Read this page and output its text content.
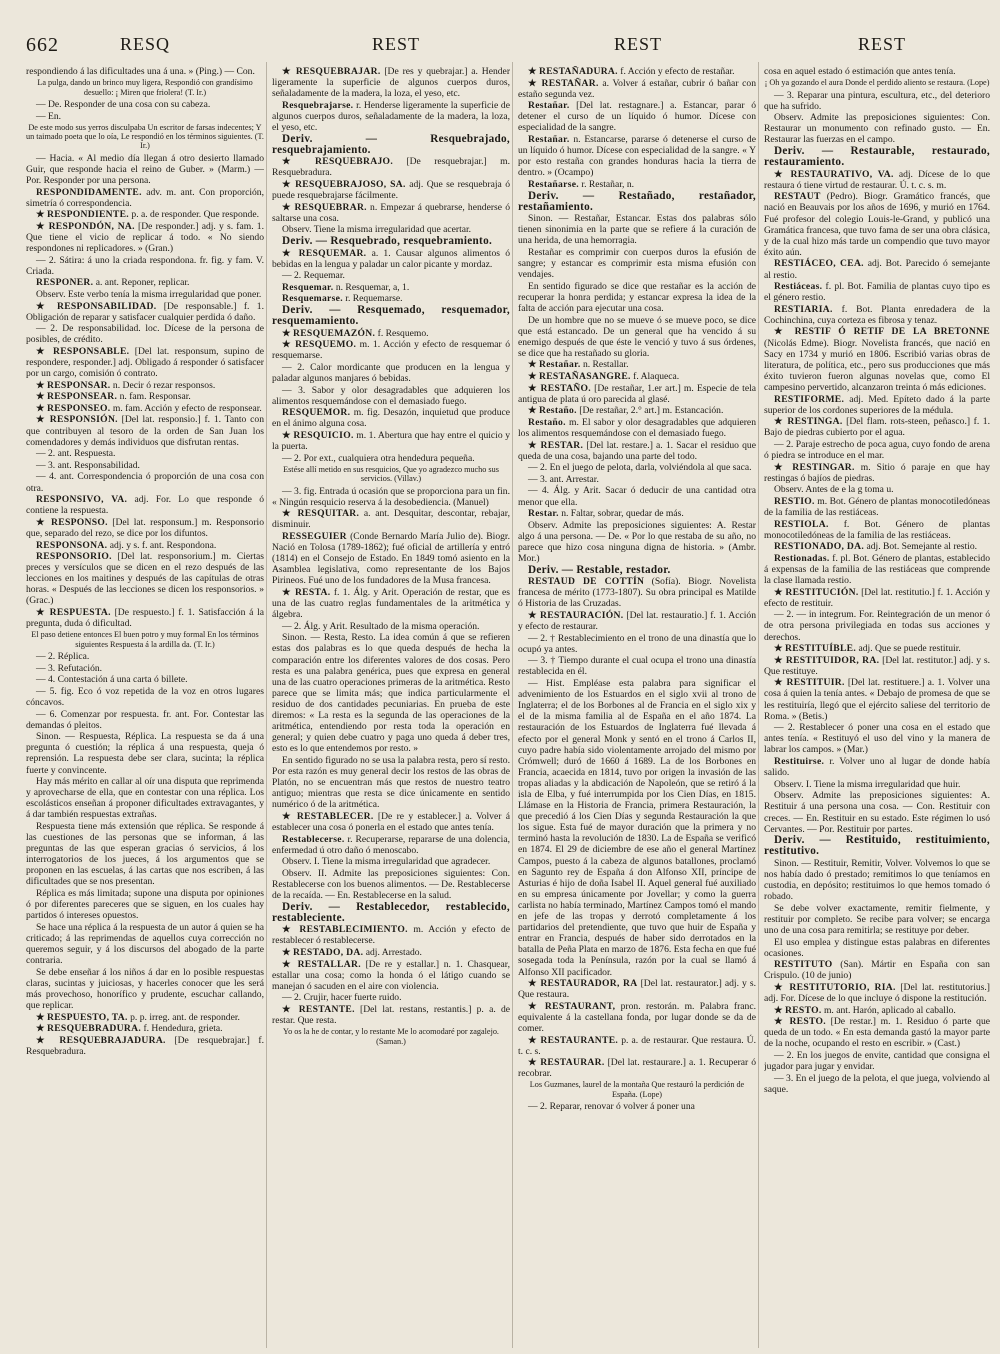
662	RESQ	REST	REST	REST

respondiendo á las dificultades una á una. » (Ping.) — Con.

La pulga, dando un brinco muy ligera, Respondió con grandísimo desuello: ¡ Miren que friolera! (T. Ir.)

— De. Responder de una cosa con su cabeza.

— En.

De este modo sus yerros disculpaba Un escritor de farsas indecentes; Y un taimado poeta que lo oía, Le respondió en los términos siguientes. (T. Ir.)

— Hacia. « Al medio día llegan á otro desierto llamado Guir, que responde hacia el reino de Guber. » (Marm.) — Por. Responder por una persona.

RESPONDIDAMENTE. adv. m. ant. Con proporción, simetría ó correspondencia.

★ RESPONDIENTE. p. a. de responder. Que responde.

★ RESPONDÓN, NA. [De responder.] adj. y s. fam. 1. Que tiene el vicio de replicar á todo. « No siendo respondones ni replicadores. » (Gran.)

— 2. Sátira: á uno la criada respondona. fr. fig. y fam. V. Criada.

RESPONER. a. ant. Reponer, replicar.

Observ. Este verbo tenía la misma irregularidad que poner.

★ RESPONSABILIDAD. [De responsable.] f. 1. Obligación de reparar y satisfacer cualquier perdida ó daño.

— 2. De responsabilidad. loc. Dícese de la persona de posibles, de crédito.

★ RESPONSABLE. [Del lat. responsum, supino de respondere, responder.] adj. Obligado á responder ó satisfacer por un cargo, comisión ó contrato.

★ RESPONSAR. n. Decir ó rezar responsos.

★ RESPONSEAR. n. fam. Responsar.

★ RESPONSEO. m. fam. Acción y efecto de responsear.

★ RESPONSIÓN. [Del lat. responsio.] f. 1. Tanto con que contribuyen al tesoro de la orden de San Juan los comendadores y demás individuos que disfrutan rentas.

— 2. ant. Respuesta.

— 3. ant. Responsabilidad.

— 4. ant. Correspondencia ó proporción de una cosa con otra.

RESPONSIVO, VA. adj. For. Lo que responde ó contiene la respuesta.

★ RESPONSO. [Del lat. responsum.] m. Responsorio que, separado del rezo, se dice por los difuntos.

RESPONSONA. adj. y s. f. ant. Respondona.

RESPONSORIO. [Del lat. responsorium.] m. Ciertas preces y versículos que se dicen en el rezo después de las lecciones en los maitines y después de las capítulas de otras horas. « Después de las lecciones se dicen los responsorios. » (Grac.)

★ RESPUESTA. [De respuesto.] f. 1. Satisfacción á la pregunta, duda ó dificultad.

El paso detiene entonces El buen potro y muy formal En los términos siguientes Respuesta á la ardilla da. (T. Ir.)

— 2. Réplica.

— 3. Refutación.

— 4. Contestación á una carta ó billete.

— 5. fig. Eco ó voz repetida de la voz en otros lugares cóncavos.

— 6. Comenzar por respuesta. fr. ant. For. Contestar las demandas ó pleitos.

Sinon. — Respuesta, Réplica. La respuesta se da á una pregunta ó cuestión; la réplica á una respuesta, queja ó reprensión. La respuesta debe ser clara, sucinta; la réplica fuerte y convincente.

Hay más mérito en callar al oír una disputa que reprimenda y aprovecharse de ella, que en contestar con una réplica. Los escolásticos enseñan á proponer dificultades extravagantes, y á dar también respuestas extrañas.

Respuesta tiene más extensión que réplica. Se responde á las cuestiones de las personas que se informan, á las preguntas de las que esperan gracias ó servicios, á los interrogatorios de los jueces, á los argumentos que se proponen en las escuelas, á las cartas que nos escriben, á las dificultades que se nos presentan.

Réplica es más limitada; supone una disputa por opiniones ó por diferentes pareceres que se siguen, en los cuales hay partidos ó intereses opuestos.

Se hace una réplica á la respuesta de un autor á quien se ha criticado; á las reprimendas de aquellos cuya corrección no queremos seguir, y á los discursos del abogado de la parte contraria.

Se debe enseñar á los niños á dar en lo posible respuestas claras, sucintas y juiciosas, y hacerles conocer que les será más provechoso, honorífico y prudente, escuchar callando, que replicar.

★ RESPUESTO, TA. p. p. irreg. ant. de responder.

★ RESQUEBRADURA. f. Hendedura, grieta.

★ RESQUEBRAJADURA. [De resquebrajar.] f. Resquebradura.

★ RESQUEBRAJAR. [De res y quebrajar.] a. Hender ligeramente la superficie de algunos cuerpos duros, señaladamente de la madera, la loza, el yeso, etc.

Resquebrajarse. r. Henderse ligeramente la superficie de algunos cuerpos duros, señaladamente de la madera, la loza, el yeso, etc.

Deriv. — Resquebrajado, resquebrajamiento.

★ RESQUEBRAJO. [De resquebrajar.] m. Resquebradura.

★ RESQUEBRAJOSO, SA. adj. Que se resquebraja ó puede resquebrajarse fácilmente.

★ RESQUEBRAR. n. Empezar á quebrarse, henderse ó saltarse una cosa.

Observ. Tiene la misma irregularidad que acertar.

Deriv. — Resquebrado, resquebramiento.

★ RESQUEMAR. a. 1. Causar algunos alimentos ó bebidas en la lengua y paladar un calor picante y mordaz.

— 2. Requemar.

Resquemar. n. Resquemar, a, 1.

Resquemarse. r. Requemarse.

Deriv. — Resquemado, resquemador, resquemamiento.

★ RESQUEMAZÓN. f. Resquemo.

★ RESQUEMO. m. 1. Acción y efecto de resquemar ó resquemarse.

— 2. Calor mordicante que producen en la lengua y paladar algunos manjares ó bebidas.

— 3. Sabor y olor desagradables que adquieren los alimentos resquemándose con el demasiado fuego.

RESQUEMOR. m. fig. Desazón, inquietud que produce en el ánimo alguna cosa.

★ RESQUICIO. m. 1. Abertura que hay entre el quicio y la puerta.

— 2. Por ext., cualquiera otra hendedura pequeña.

Estése allí metido en sus resquicios, Que yo agradezco mucho sus servicios. (Villav.)

— 3. fig. Entrada ú ocasión que se proporciona para un fin. « Ningún resquicio reserva á la desobediencia. (Manuel)

★ RESQUITAR. a. ant. Desquitar, descontar, rebajar, disminuir.

RESSEGUIER (Conde Bernardo María Julio de). Biogr. Nació en Tolosa (1789-1862); fué oficial de artillería y entró (1814) en el Consejo de Estado. En 1849 tomó asiento en la Asamblea legislativa, como representante de los Bajos Pirineos. Fué uno de los fundadores de la Musa francesa.

★ RESTA. f. 1. Álg. y Arit. Operación de restar, que es una de las cuatro reglas fundamentales de la aritmética y álgebra.

— 2. Álg. y Arit. Resultado de la misma operación.

Sinon. — Resta, Resto. La idea común á que se refieren estas dos palabras es lo que queda después de hecha la comparación entre los diferentes valores de dos cosas. Pero resta es una palabra genérica, pues que expresa en general una de las cuatro operaciones primeras de la aritmética. Resto parece que se limita más; que indica particularmente el residuo de dos cantidades pecuniarias. En prueba de este diremos: « La resta es la segunda de las operaciones de la aritmética, entendiendo por resta toda la operación en general; y quien debe cuatro y paga uno queda á deber tres, esto es lo que entendemos por resto. »

En sentido figurado no se usa la palabra resta, pero sí resto. Por esta razón es muy general decir los restos de las obras de Platón, no se encuentran más que restos de nuestro teatro antiguo; mientras que resta se dice únicamente en sentido numérico ó de la aritmética.

★ RESTABLECER. [De re y establecer.] a. Volver á establecer una cosa ó ponerla en el estado que antes tenía.

Restablecerse. r. Recuperarse, repararse de una dolencia, enfermedad ú otro daño ó menoscabo.

Observ. I. Tiene la misma irregularidad que agradecer.

Observ. II. Admite las preposiciones siguientes: Con. Restablecerse con los buenos alimentos. — De. Restablecerse de la recaída. — En. Restablecerse en la salud.

Deriv. — Restablecedor, restablecido, restableciente.

★ RESTABLECIMIENTO. m. Acción y efecto de restablecer ó restablecerse.

★ RESTADO, DA. adj. Arrestado.

★ RESTALLAR. [De re y estallar.] n. 1. Chasquear, estallar una cosa; como la honda ó el látigo cuando se manejan ó sacuden en el aire con violencia.

— 2. Crujir, hacer fuerte ruido.

★ RESTANTE. [Del lat. restans, restantis.] p. a. de restar. Que resta.

Yo os la he de contar, y lo restante Me lo acomodaré por zagalejo. (Saman.)

★ RESTAÑADURA. f. Acción y efecto de restañar.

★ RESTAÑAR. a. Volver á estañar, cubrir ó bañar con estaño segunda vez.

Restañar. [Del lat. restagnare.] a. Estancar, parar ó detener el curso de un líquido ó humor. Dícese con especialidad de la sangre.

Restañar. n. Estancarse, pararse ó detenerse el curso de un líquido ó humor. Dícese con especialidad de la sangre. « Y por esto restaña con grandes honduras hacia la tierra de dentro. » (Ocampo)

Restañarse. r. Restañar, n.

Deriv. — Restañado, restañador, restañamiento.

Sinon. — Restañar, Estancar. Estas dos palabras sólo tienen sinonimia en la parte que se refiere á la curación de una herida, de una hemorragia.

Restañar es comprimir con cuerpos duros la efusión de sangre; y estancar es comprimir esta misma efusión con vendajes.

En sentido figurado se dice que restañar es la acción de recuperar la honra perdida; y estancar expresa la idea de la falta de acción para ejecutar una cosa.

De un hombre que no se mueve ó se mueve poco, se dice que está estancado. De un general que ha vencido á su enemigo después de que éste le venció y tuvo á sus órdenes, se dice que ha restañado su gloria.

★ Restañar. n. Restallar.

★ RESTAÑASANGRE. f. Alaqueca.

★ RESTAÑO. [De restañar, 1.er art.] m. Especie de tela antigua de plata ú oro parecida al glasé.

★ Restaño. [De restañar, 2.° art.] m. Estancación.

Restaño. m. El sabor y olor desagradables que adquieren los alimentos resquemándose con el demasiado fuego.

★ RESTAR. [Del lat. restare.] a. 1. Sacar el residuo que queda de una cosa, bajando una parte del todo.

— 2. En el juego de pelota, darla, volviéndola al que saca.

— 3. ant. Arrestar.

— 4. Álg. y Arit. Sacar ó deducir de una cantidad otra menor que ella.

Restar. n. Faltar, sobrar, quedar de más.

Observ. Admite las preposiciones siguientes: A. Restar algo á una persona. — De. « Por lo que restaba de su año, no parece que hizo cosa ninguna digna de historia. » (Ambr. Mor.)

Deriv. — Restable, restador.

RESTAUD DE COTTÍN (Sofía). Biogr. Novelista francesa de mérito (1773-1807). Su obra principal es Matilde ó Historia de las Cruzadas.

★ RESTAURACIÓN. [Del lat. restauratio.] f. 1. Acción y efecto de restaurar.

— 2. † Restablecimiento en el trono de una dinastía que lo ocupó ya antes.

— 3. † Tiempo durante el cual ocupa el trono una dinastía restablecida en él.

— Hist. Empléase esta palabra para significar el advenimiento de los Estuardos en el siglo xvii al trono de Inglaterra; el de los Borbones al de Francia en el siglo xix y el de la misma familia al de España en el año 1874. La restauración de los Estuardos de Inglaterra fué llevada á efecto por el general Monk y sentó en el trono á Carlos II, cuyo padre había sido violentamente arrojado del mismo por Crómwell; duró de 1660 á 1689. La de los Borbones en Francia, acaecida en 1814, tuvo por origen la invasión de las tropas aliadas y la abdicación de Napoleón, que se retiró á la isla de Elba, y fué interrumpida por los Cien Días, en 1815. Llámase en la Historia de Francia, primera Restauración, la que precedió á los Cien Días y segunda Restauración la que los sigue. Esta fué de mayor duración que la primera y no terminó hasta la revolución de 1830. La de España se verificó en 1874. El 29 de diciembre de ese año el general Martínez Campos, puesto á la cabeza de algunos batallones, proclamó en Sagunto rey de España á don Alfonso XII, príncipe de Asturias é hijo de doña Isabel II. Aquel general fué auxiliado en su empresa únicamente por Jovellar; y como la guerra carlista no había terminado, Martínez Campos tomó el mando en jefe de las tropas y derrotó completamente á los partidarios del pretendiente, que tuvo que huir de España y entrar en Francia, después de haber sido derrotados en la batalla de Peña Plata en marzo de 1876. Esta fecha en que fué sosegada toda la Península, razón por la cual se llamó á Alfonso XII pacificador.

★ RESTAURADOR, RA [Del lat. restaurator.] adj. y s. Que restaura.

★ RESTAURANT, pron. restorán. m. Palabra franc. equivalente á la castellana fonda, por lugar donde se da de comer.

★ RESTAURANTE. p. a. de restaurar. Que restaura. Ú. t. c. s.

★ RESTAURAR. [Del lat. restaurare.] a. 1. Recuperar ó recobrar.

Los Guzmanes, laurel de la montaña Que restauró la perdición de España. (Lope)

— 2. Reparar, renovar ó volver á poner una

cosa en aquel estado ó estimación que antes tenía.

¡ Oh ya gozando el aura Donde el perdido aliento se restaura. (Lope)

— 3. Reparar una pintura, escultura, etc., del deterioro que ha sufrido.

Observ. Admite las preposiciones siguientes: Con. Restaurar un monumento con refinado gusto. — En. Restaurar las fuerzas en el campo.

Deriv. — Restaurable, restaurado, restauramiento.

★ RESTAURATIVO, VA. adj. Dícese de lo que restaura ó tiene virtud de restaurar. Ú. t. c. s. m.

RESTAUT (Pedro). Biogr. Gramático francés, que nació en Beauvais por los años de 1696, y murió en 1764. Fué profesor del colegio Louis-le-Grand, y publicó una Gramática francesa, que tuvo fama de ser una obra clásica, y de la cual hizo más tarde un compendio que tuvo mayor éxito aún.

RESTIÁCEO, CEA. adj. Bot. Parecido ó semejante al restio.

Restiáceas. f. pl. Bot. Familia de plantas cuyo tipo es el género restio.

RESTIARIA. f. Bot. Planta enredadera de la Cochinchina, cuya corteza es fibrosa y tenaz.

★ RESTIF Ó RETIF DE LA BRETONNE (Nicolás Edme). Biogr. Novelista francés, que nació en Sacy en 1734 y murió en 1806. Escribió varias obras de literatura, de política, etc., pero sus producciones que más éxito tuvieron fueron algunas novelas que, como El campesino pervertido, alcanzaron treinta ó más ediciones.

RESTIFORME. adj. Med. Epíteto dado á la parte superior de los cordones superiores de la médula.

★ RESTINGA. [Del flam. rots-steen, peñasco.] f. 1. Bajo de piedras cubierto por el agua.

— 2. Paraje estrecho de poca agua, cuyo fondo de arena ó piedra se introduce en el mar.

★ RESTINGAR. m. Sitio ó paraje en que hay restingas ó bajíos de piedras.

Observ. Antes de e la g toma u.

RESTIO. m. Bot. Género de plantas monocotiledóneas de la familia de las restiáceas.

RESTIOLA. f. Bot. Género de plantas monocotiledóneas de la familia de las restiáceas.

RESTIONADO, DA. adj. Bot. Semejante al restio.

Restionadas. f. pl. Bot. Género de plantas, establecido á expensas de la familia de las restiáceas que comprende la clase llamada restio.

★ RESTITUCIÓN. [Del lat. restitutio.] f. 1. Acción y efecto de restituir.

— 2. — in integrum. For. Reintegración de un menor ó de otra persona privilegiada en todas sus acciones y derechos.

★ RESTITUÍBLE. adj. Que se puede restituir.

★ RESTITUIDOR, RA. [Del lat. restitutor.] adj. y s. Que restituye.

★ RESTITUIR. [Del lat. restituere.] a. 1. Volver una cosa á quien la tenía antes. « Debajo de promesa de que se les restituiría, llegó que el ejército saliese del territorio de Roma. » (Betis.)

— 2. Restablecer ó poner una cosa en el estado que antes tenía. « Restituyó el uso del vino y la manera de labrar los campos. » (Mar.)

Restituirse. r. Volver uno al lugar de donde había salido.

Observ. I. Tiene la misma irregularidad que huir.

Observ. Admite las preposiciones siguientes: A. Restituir á una persona una cosa. — Con. Restituir con creces. — En. Restituir en su estado. Este régimen lo usó Cervantes. — Por. Restituir por partes.

Deriv. — Restituido, restituimiento, restitutivo.

Sinon. — Restituir, Remitir, Volver. Volvemos lo que se nos había dado ó prestado; remitimos lo que teníamos en custodia, en depósito; restituimos lo que hemos tomado ó robado.

Se debe volver exactamente, remitir fielmente, y restituir por completo. Se recibe para volver; se encarga uno de una cosa para remitirla; se restituye por deber.

El uso emplea y distingue estas palabras en diferentes ocasiones.

RESTITUTO (San). Mártir en España con san Crispulo. (10 de junio)

★ RESTITUTORIO, RIA. [Del lat. restitutorius.] adj. For. Dícese de lo que incluye ó dispone la restitución.

★ RESTO. m. ant. Harón, aplicado al caballo.

★ RESTO. [De restar.] m. 1. Residuo ó parte que queda de un todo. « En esta demanda gastó la mayor parte de la noche, ocupando el resto en escribir. » (Cast.)

— 2. En los juegos de envite, cantidad que consigna el jugador para jugar y envidar.

— 3. En el juego de la pelota, el que juega, volviendo al saque.
